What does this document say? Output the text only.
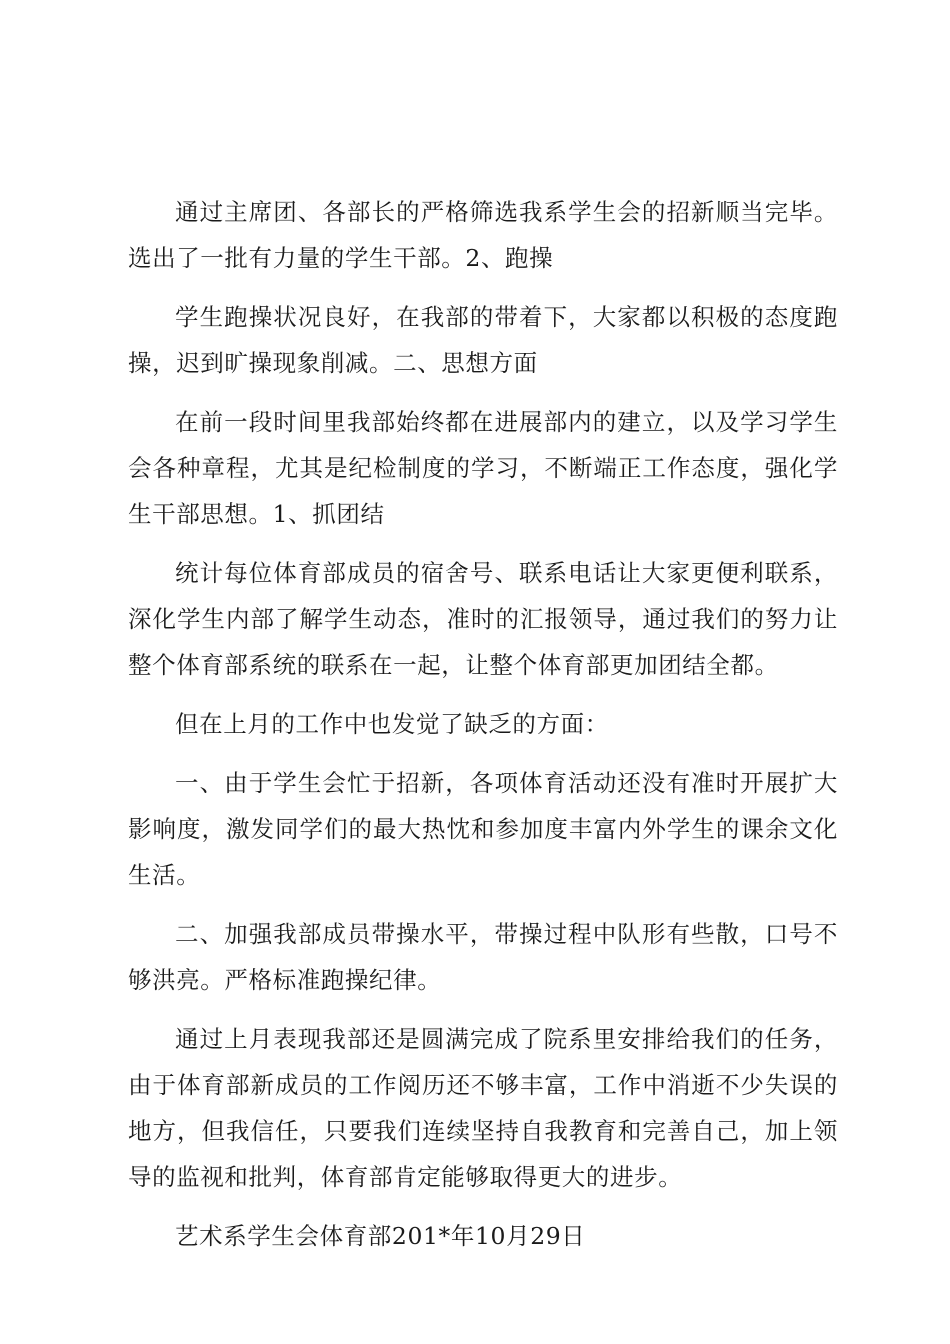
通过主席团、各部长的严格筛选我系学生会的招新顺当完毕。选出了一批有力量的学生干部。2、跑操

学生跑操状况良好，在我部的带着下，大家都以积极的态度跑操，迟到旷操现象削减。二、思想方面

在前一段时间里我部始终都在进展部内的建立，以及学习学生会各种章程，尤其是纪检制度的学习，不断端正工作态度，强化学生干部思想。1、抓团结

统计每位体育部成员的宿舍号、联系电话让大家更便利联系，深化学生内部了解学生动态，准时的汇报领导，通过我们的努力让整个体育部系统的联系在一起，让整个体育部更加团结全都。

但在上月的工作中也发觉了缺乏的方面：

一、由于学生会忙于招新，各项体育活动还没有准时开展扩大影响度，激发同学们的最大热忱和参加度丰富内外学生的课余文化生活。

二、加强我部成员带操水平，带操过程中队形有些散，口号不够洪亮。严格标准跑操纪律。

通过上月表现我部还是圆满完成了院系里安排给我们的任务，由于体育部新成员的工作阅历还不够丰富，工作中消逝不少失误的地方，但我信任，只要我们连续坚持自我教育和完善自己，加上领导的监视和批判，体育部肯定能够取得更大的进步。

艺术系学生会体育部201*年10月29日
